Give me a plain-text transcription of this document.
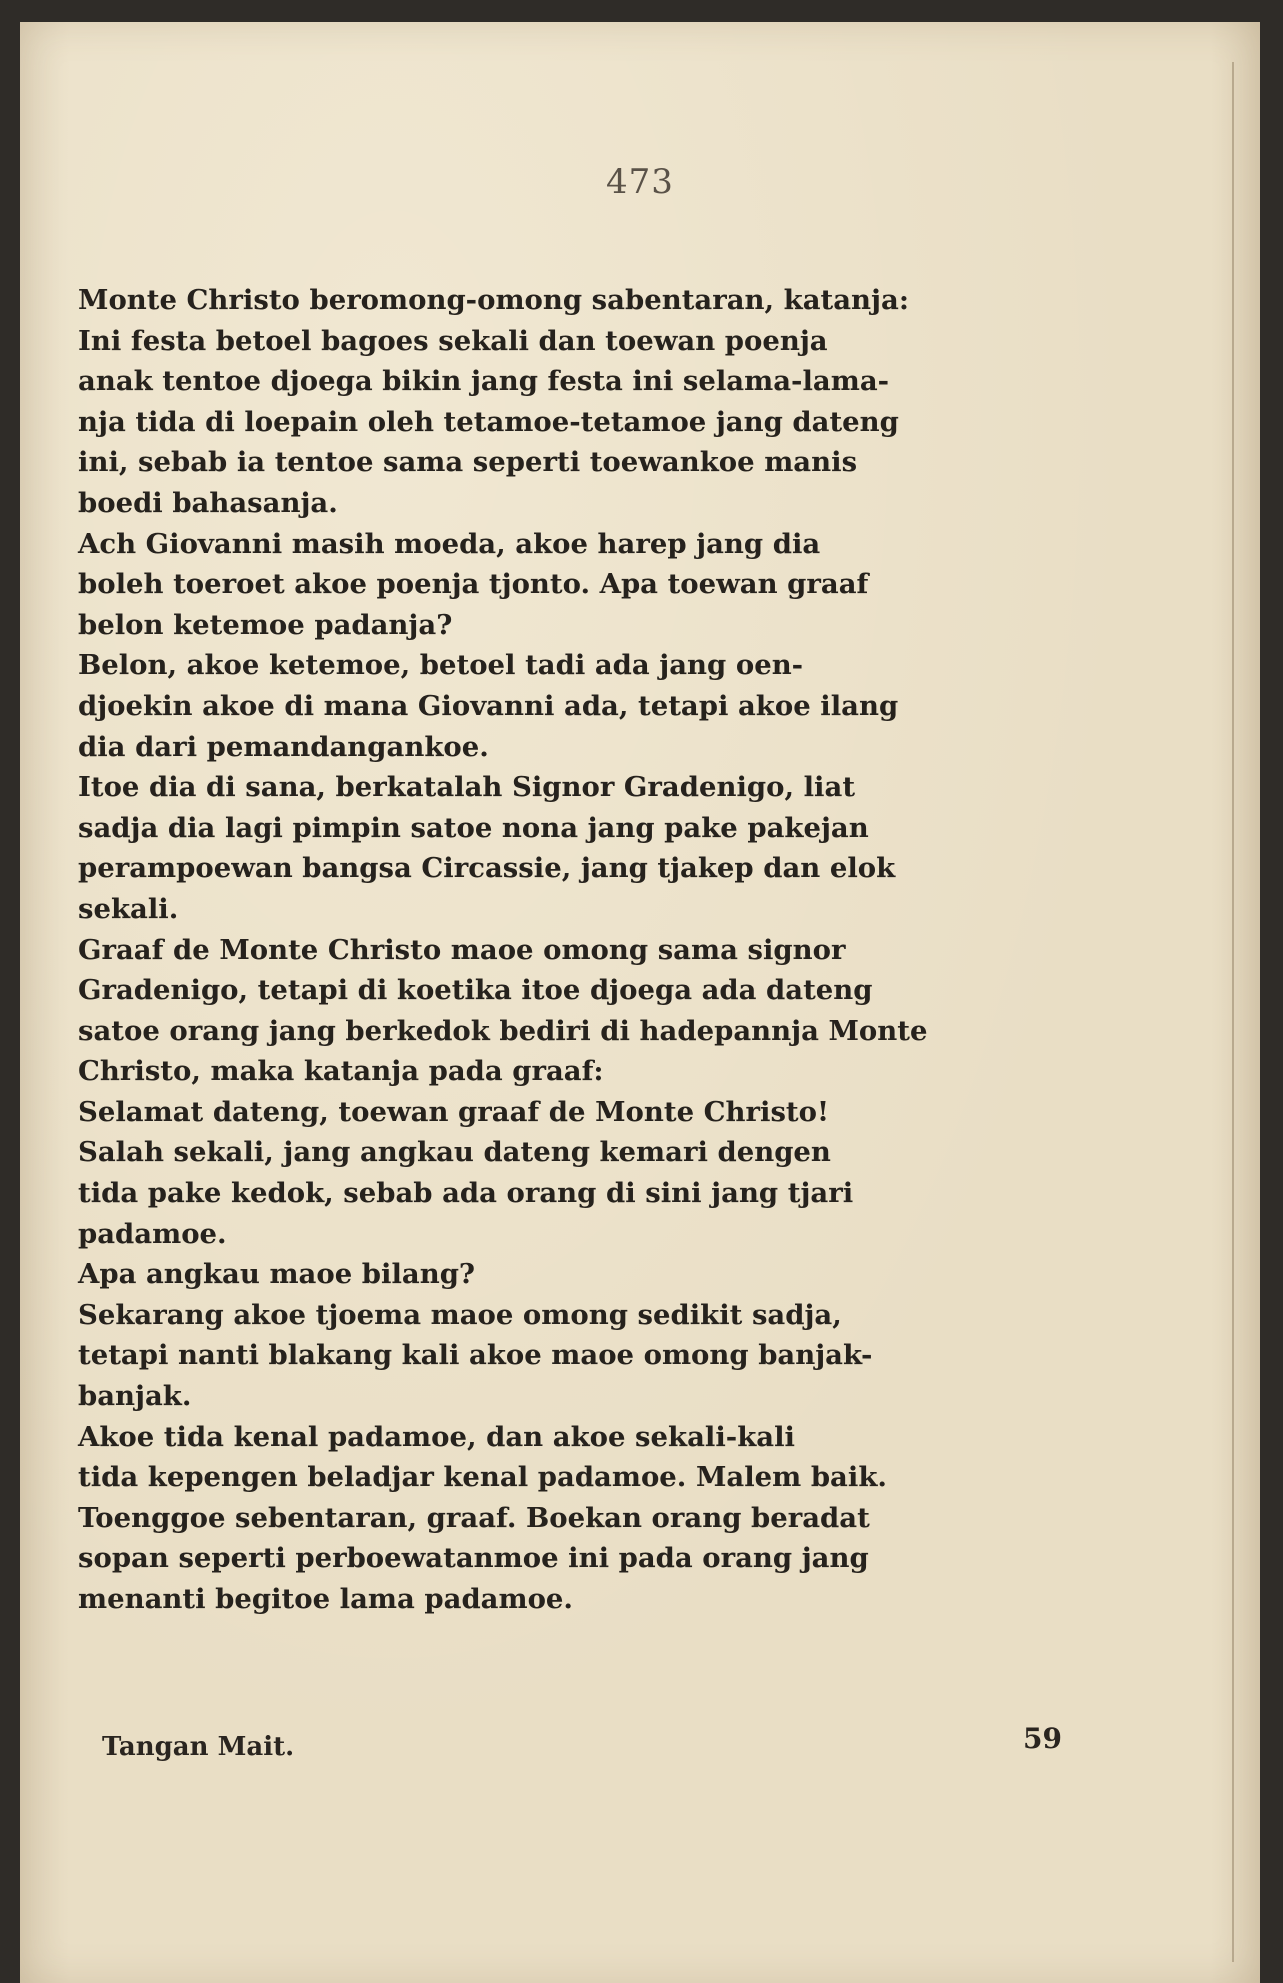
473
Monte Christo beromong-omong sabentaran, katanja:
Ini festa betoel bagoes sekali dan toewan poenja
anak tentoe djoega bikin jang festa ini selama-lama-
nja tida di loepain oleh tetamoe-tetamoe jang dateng
ini, sebab ia tentoe sama seperti toewankoe manis
boedi bahasanja.
Ach Giovanni masih moeda, akoe harep jang dia
boleh toeroet akoe poenja tjonto. Apa toewan graaf
belon ketemoe padanja?
Belon, akoe ketemoe, betoel tadi ada jang oen-
djoekin akoe di mana Giovanni ada, tetapi akoe ilang
dia dari pemandangankoe.
Itoe dia di sana, berkatalah Signor Gradenigo, liat
sadja dia lagi pimpin satoe nona jang pake pakejan
perampoewan bangsa Circassie, jang tjakep dan elok
sekali.
Graaf de Monte Christo maoe omong sama signor
Gradenigo, tetapi di koetika itoe djoega ada dateng
satoe orang jang berkedok bediri di hadepannja Monte
Christo, maka katanja pada graaf:
Selamat dateng, toewan graaf de Monte Christo!
Salah sekali, jang angkau dateng kemari dengen
tida pake kedok, sebab ada orang di sini jang tjari
padamoe.
Apa angkau maoe bilang?
Sekarang akoe tjoema maoe omong sedikit sadja,
tetapi nanti blakang kali akoe maoe omong banjak-
banjak.
Akoe tida kenal padamoe, dan akoe sekali-kali
tida kepengen beladjar kenal padamoe. Malem baik.
Toenggoe sebentaran, graaf. Boekan orang beradat
sopan seperti perboewatanmoe ini pada orang jang
menanti begitoe lama padamoe.
Tangan Mait.	59
